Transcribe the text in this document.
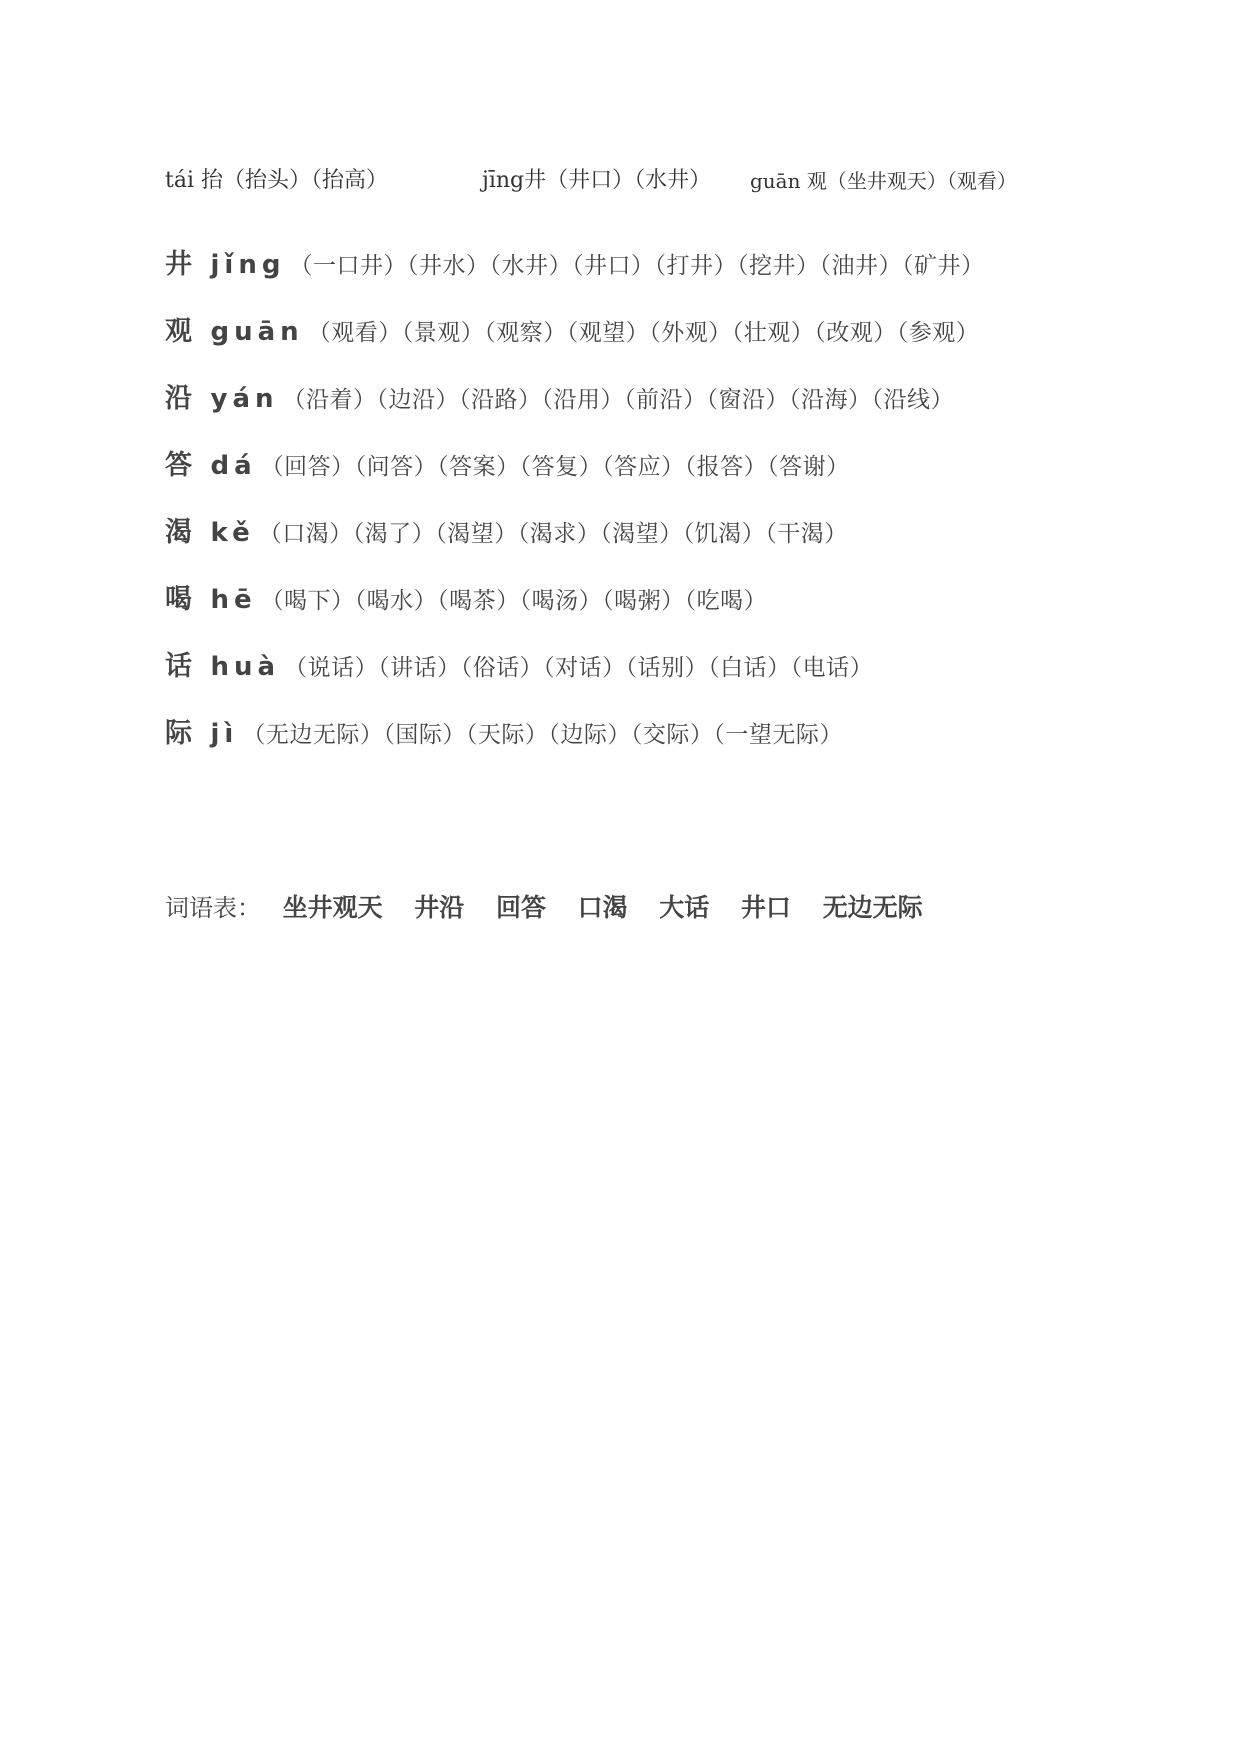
tái 抬（抬头）（抬高）	jīng井（井口）（水井） guān 观（坐井观天）（观看）
井 jǐng （一口井）（井水）（水井）（井口）（打井）（挖井）（油井）（矿井）
观 guān （观看）（景观）（观察）（观望）（外观）（壮观）（改观）（参观）
沿 yán （沿着）（边沿）（沿路）（沿用）（前沿）（窗沿）（沿海）（沿线）
答 dá （回答）（问答）（答案）（答复）（答应）（报答）（答谢）
渴 kě （口渴）（渴了）（渴望）（渴求）（渴望）（饥渴）（干渴）
喝 hē （喝下）（喝水）（喝茶）（喝汤）（喝粥）（吃喝）
话 huà （说话）（讲话）（俗话）（对话）（话别）（白话）（电话）
际 jì （无边无际）（国际）（天际）（边际）（交际）（一望无际）
词语表： 坐井观天 井沿 回答 口渴 大话 井口 无边无际
